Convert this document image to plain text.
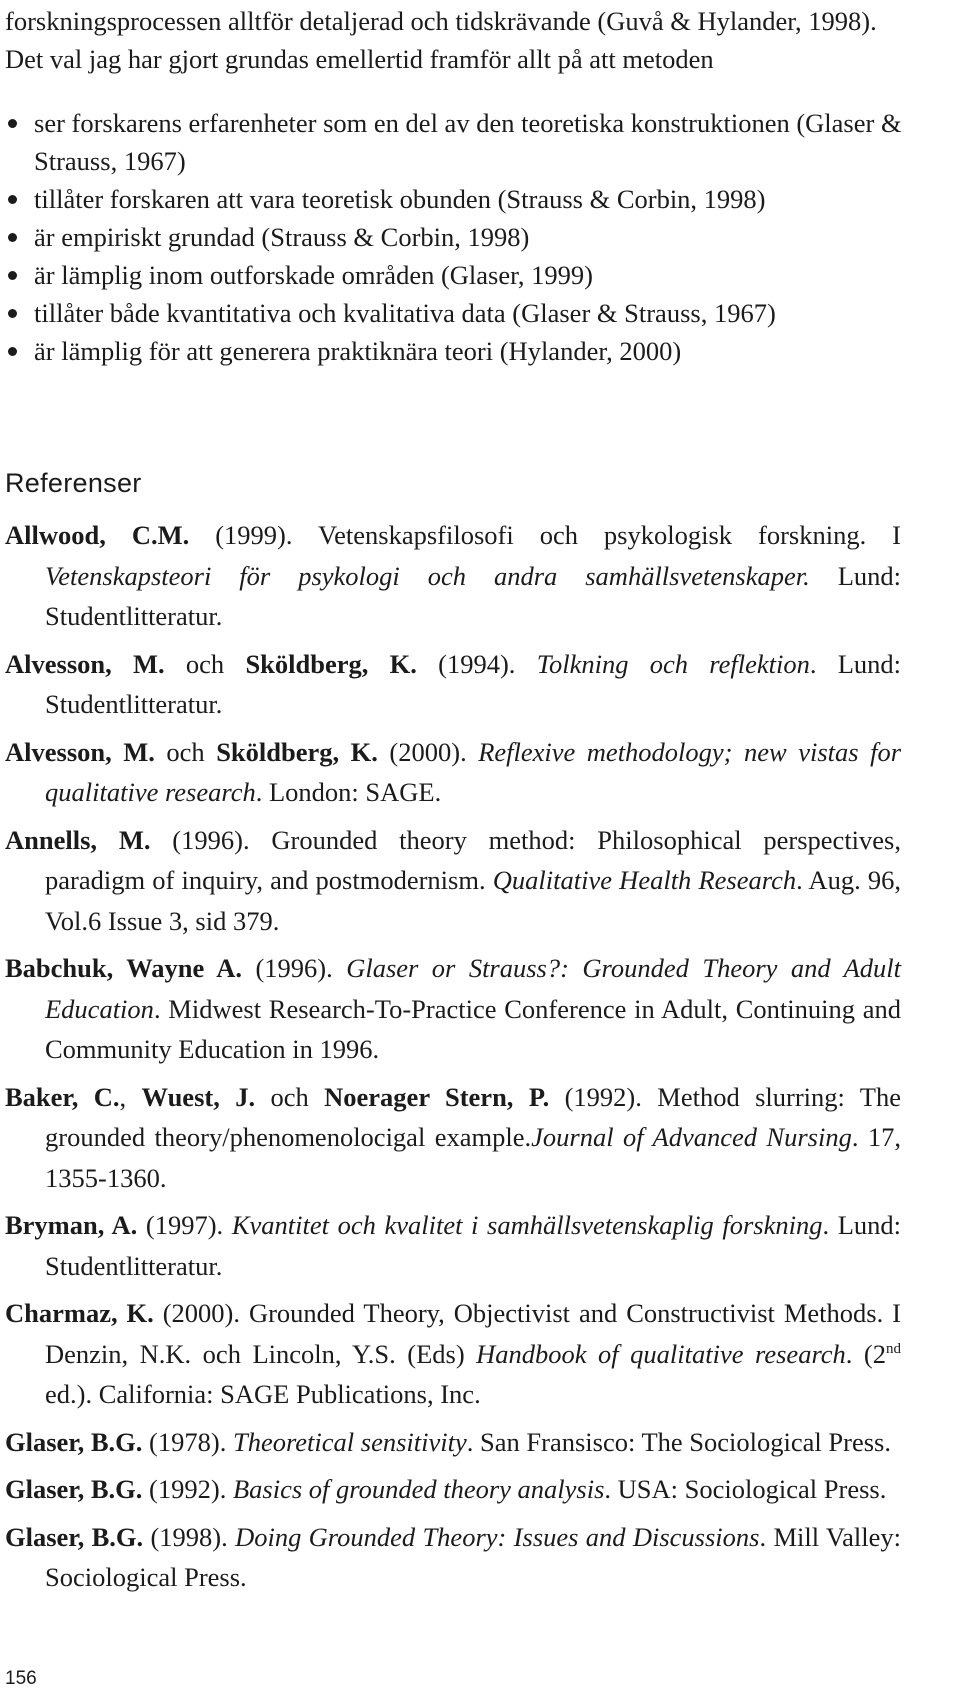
forskningsprocessen alltför detaljerad och tidskrävande (Guvå & Hylander, 1998).

Det val jag har gjort grundas emellertid framför allt på att metoden

ser forskarens erfarenheter som en del av den teoretiska konstruktionen (Glaser & Strauss, 1967)
tillåter forskaren att vara teoretisk obunden (Strauss & Corbin, 1998)
är empiriskt grundad (Strauss & Corbin, 1998)
är lämplig inom outforskade områden (Glaser, 1999)
tillåter både kvantitativa och kvalitativa data (Glaser & Strauss, 1967)
är lämplig för att generera praktiknära teori (Hylander, 2000)
Referenser

Allwood, C.M. (1999). Vetenskapsfilosofi och psykologisk forskning. I Vetenskapsteori för psykologi och andra samhällsvetenskaper. Lund: Studentlitteratur.

Alvesson, M. och Sköldberg, K. (1994). Tolkning och reflektion. Lund: Studentlitteratur.

Alvesson, M. och Sköldberg, K. (2000). Reflexive methodology; new vistas for qualitative research. London: SAGE.

Annells, M. (1996). Grounded theory method: Philosophical perspectives, paradigm of inquiry, and postmodernism. Qualitative Health Research. Aug. 96, Vol.6 Issue 3, sid 379.

Babchuk, Wayne A. (1996). Glaser or Strauss?: Grounded Theory and Adult Education. Midwest Research-To-Practice Conference in Adult, Continuing and Community Education in 1996.

Baker, C., Wuest, J. och Noerager Stern, P. (1992). Method slurring: The grounded theory/phenomenolocigal example.Journal of Advanced Nursing. 17, 1355-1360.

Bryman, A. (1997). Kvantitet och kvalitet i samhällsvetenskaplig forskning. Lund: Studentlitteratur.

Charmaz, K. (2000). Grounded Theory, Objectivist and Constructivist Methods. I Denzin, N.K. och Lincoln, Y.S. (Eds) Handbook of qualitative research. (2nd ed.). California: SAGE Publications, Inc.

Glaser, B.G. (1978). Theoretical sensitivity. San Fransisco: The Sociological Press.

Glaser, B.G. (1992). Basics of grounded theory analysis. USA: Sociological Press.

Glaser, B.G. (1998). Doing Grounded Theory: Issues and Discussions. Mill Valley: Sociological Press.

156
